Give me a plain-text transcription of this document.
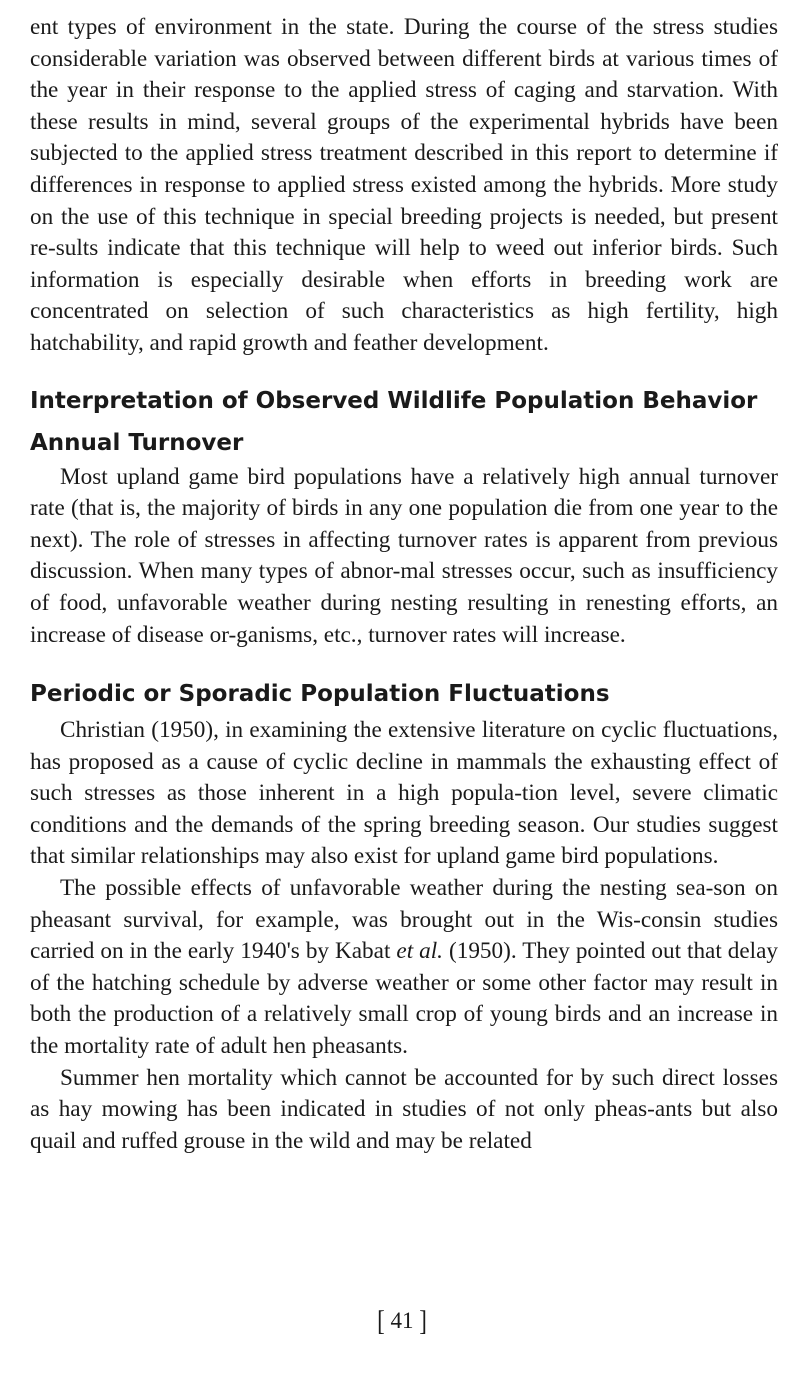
ent types of environment in the state. During the course of the stress studies considerable variation was observed between different birds at various times of the year in their response to the applied stress of caging and starvation. With these results in mind, several groups of the experimental hybrids have been subjected to the applied stress treatment described in this report to determine if differences in response to applied stress existed among the hybrids. More study on the use of this technique in special breeding projects is needed, but present re-sults indicate that this technique will help to weed out inferior birds. Such information is especially desirable when efforts in breeding work are concentrated on selection of such characteristics as high fertility, high hatchability, and rapid growth and feather development.

Interpretation of Observed Wildlife Population Behavior
Annual Turnover

Most upland game bird populations have a relatively high annual turnover rate (that is, the majority of birds in any one population die from one year to the next). The role of stresses in affecting turnover rates is apparent from previous discussion. When many types of abnor-mal stresses occur, such as insufficiency of food, unfavorable weather during nesting resulting in renesting efforts, an increase of disease or-ganisms, etc., turnover rates will increase.

Periodic or Sporadic Population Fluctuations

Christian (1950), in examining the extensive literature on cyclic fluctuations, has proposed as a cause of cyclic decline in mammals the exhausting effect of such stresses as those inherent in a high popula-tion level, severe climatic conditions and the demands of the spring breeding season. Our studies suggest that similar relationships may also exist for upland game bird populations.

The possible effects of unfavorable weather during the nesting sea-son on pheasant survival, for example, was brought out in the Wis-consin studies carried on in the early 1940's by Kabat et al. (1950). They pointed out that delay of the hatching schedule by adverse weather or some other factor may result in both the production of a relatively small crop of young birds and an increase in the mortality rate of adult hen pheasants.

Summer hen mortality which cannot be accounted for by such direct losses as hay mowing has been indicated in studies of not only pheas-ants but also quail and ruffed grouse in the wild and may be related

[ 41 ]
